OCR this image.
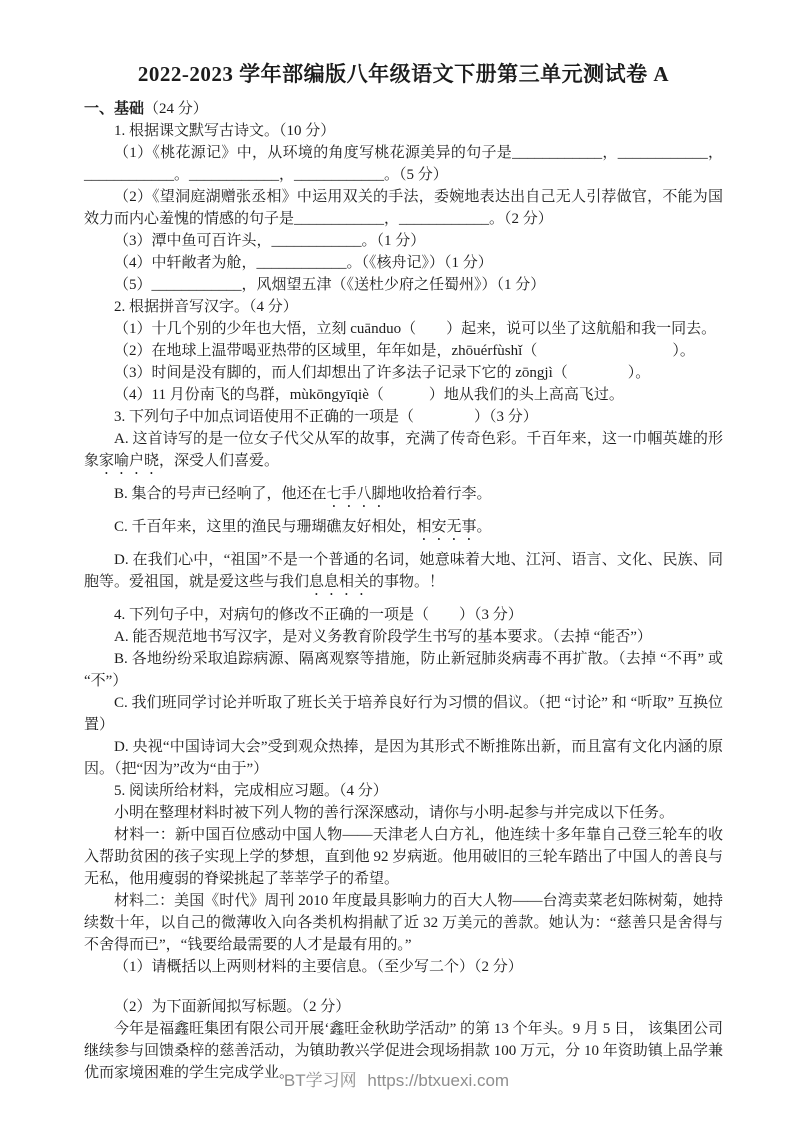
2022-2023 学年部编版八年级语文下册第三单元测试卷 A

一、基础（24 分）

1. 根据课文默写古诗文。（10 分）

（1）《桃花源记》中，从环境的角度写桃花源美异的句子是____________，____________，____________。____________，____________。（5 分）

（2）《望洞庭湖赠张丞相》中运用双关的手法，委婉地表达出自己无人引荐做官，不能为国效力而内心羞愧的情感的句子是____________，____________。（2 分）

（3）潭中鱼可百许头，____________。（1 分）

（4）中轩敞者为舱，____________。（《核舟记》）（1 分）

（5）____________，风烟望五津（《送杜少府之任蜀州》）（1 分）

2. 根据拼音写汉字。（4 分）

（1）十几个别的少年也大悟，立刻 cuānduo（　　）起来，说可以坐了这航船和我一同去。

（2）在地球上温带喝亚热带的区域里，年年如是，zhōuérfùshǐ（　　　　　　　　　）。

（3）时间是没有脚的，而人们却想出了许多法子记录下它的 zōngjì（　　　　）。

（4）11 月份南飞的鸟群，mùkōngyīqiè（　　　）地从我们的头上高高飞过。

3. 下列句子中加点词语使用不正确的一项是（　　　　）（3 分）

A. 这首诗写的是一位女子代父从军的故事，充满了传奇色彩。千百年来，这一巾帼英雄的形象家喻户晓，深受人们喜爱。

B. 集合的号声已经响了，他还在七手八脚地收拾着行李。

C. 千百年来，这里的渔民与珊瑚礁友好相处，相安无事。

D. 在我们心中，“祖国”不是一个普通的名词，她意味着大地、江河、语言、文化、民族、同胞等。爱祖国，就是爱这些与我们息息相关的事物。！

4. 下列句子中，对病句的修改不正确的一项是（　　）（3 分）

A. 能否规范地书写汉字，是对义务教育阶段学生书写的基本要求。（去掉 “能否”）

B. 各地纷纷采取追踪病源、隔离观察等措施，防止新冠肺炎病毒不再扩散。（去掉 “不再” 或“不”）

C. 我们班同学讨论并听取了班长关于培养良好行为习惯的倡议。（把 “讨论” 和 “听取” 互换位置）

D. 央视“中国诗词大会”受到观众热捧，是因为其形式不断推陈出新，而且富有文化内涵的原因。（把“因为”改为“由于”）

5. 阅读所给材料，完成相应习题。（4 分）

小明在整理材料时被下列人物的善行深深感动，请你与小明-起参与并完成以下任务。

材料一：新中国百位感动中国人物——天津老人白方礼，他连续十多年靠自己登三轮车的收入帮助贫困的孩子实现上学的梦想，直到他 92 岁病逝。他用破旧的三轮车踏出了中国人的善良与无私，他用瘦弱的脊梁挑起了莘莘学子的希望。

材料二：美国《时代》周刊 2010 年度最具影响力的百大人物——台湾卖菜老妇陈树菊，她持续数十年，以自己的微薄收入向各类机构捐献了近 32 万美元的善款。她认为：“慈善只是舍得与不舍得而已”，“钱要给最需要的人才是最有用的。”

（1）请概括以上两则材料的主要信息。（至少写二个）（2 分）

（2）为下面新闻拟写标题。（2 分）

今年是福鑫旺集团有限公司开展‘鑫旺金秋助学活动” 的第 13 个年头。9 月 5 日， 该集团公司继续参与回馈桑梓的慈善活动，为镇助教兴学促进会现场捐款 100 万元，分 10 年资助镇上品学兼优而家境困难的学生完成学业。

BT学习网 https://btxuexi.com
